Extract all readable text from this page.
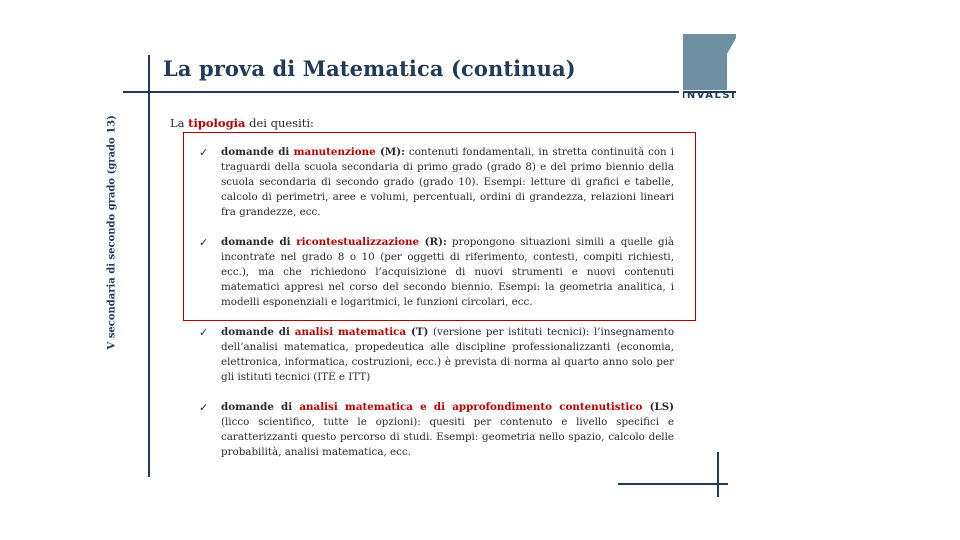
INVALSI
La prova di Matematica (continua)
V secondaria di secondo grado (grado 13)	La tipologia dei quesiti:
✓ domande di manutenzione (M): contenuti fondamentali, in stretta continuità con i traguardi della scuola secondaria di primo grado (grado 8) e del primo biennio della scuola secondaria di secondo grado (grado 10). Esempi: letture di grafici e tabelle, calcolo di perimetri, aree e volumi, percentuali, ordini di grandezza, relazioni lineari fra grandezze, ecc.
✓ domande di ricontestualizzazione (R): propongono situazioni simili a quelle già incontrate nel grado 8 o 10 (per oggetti di riferimento, contesti, compiti richiesti, ecc.), ma che richiedono l’acquisizione di nuovi strumenti e nuovi contenuti matematici appresi nel corso del secondo biennio. Esempi: la geometria analitica, i modelli esponenziali e logaritmici, le funzioni circolari, ecc.
✓ domande di analisi matematica (T) (versione per istituti tecnici): l’insegnamento dell’analisi matematica, propedeutica alle discipline professionalizzanti (economia, elettronica, informatica, costruzioni, ecc.) è prevista di norma al quarto anno solo per gli istituti tecnici (ITE e ITT)
✓ domande di analisi matematica e di approfondimento contenutistico (LS) (licco scientifico, tutte le opzioni): quesiti per contenuto e livello specifici e caratterizzanti questo percorso di studi. Esempi: geometria nello spazio, calcolo delle probabilità, analisi matematica, ecc.
